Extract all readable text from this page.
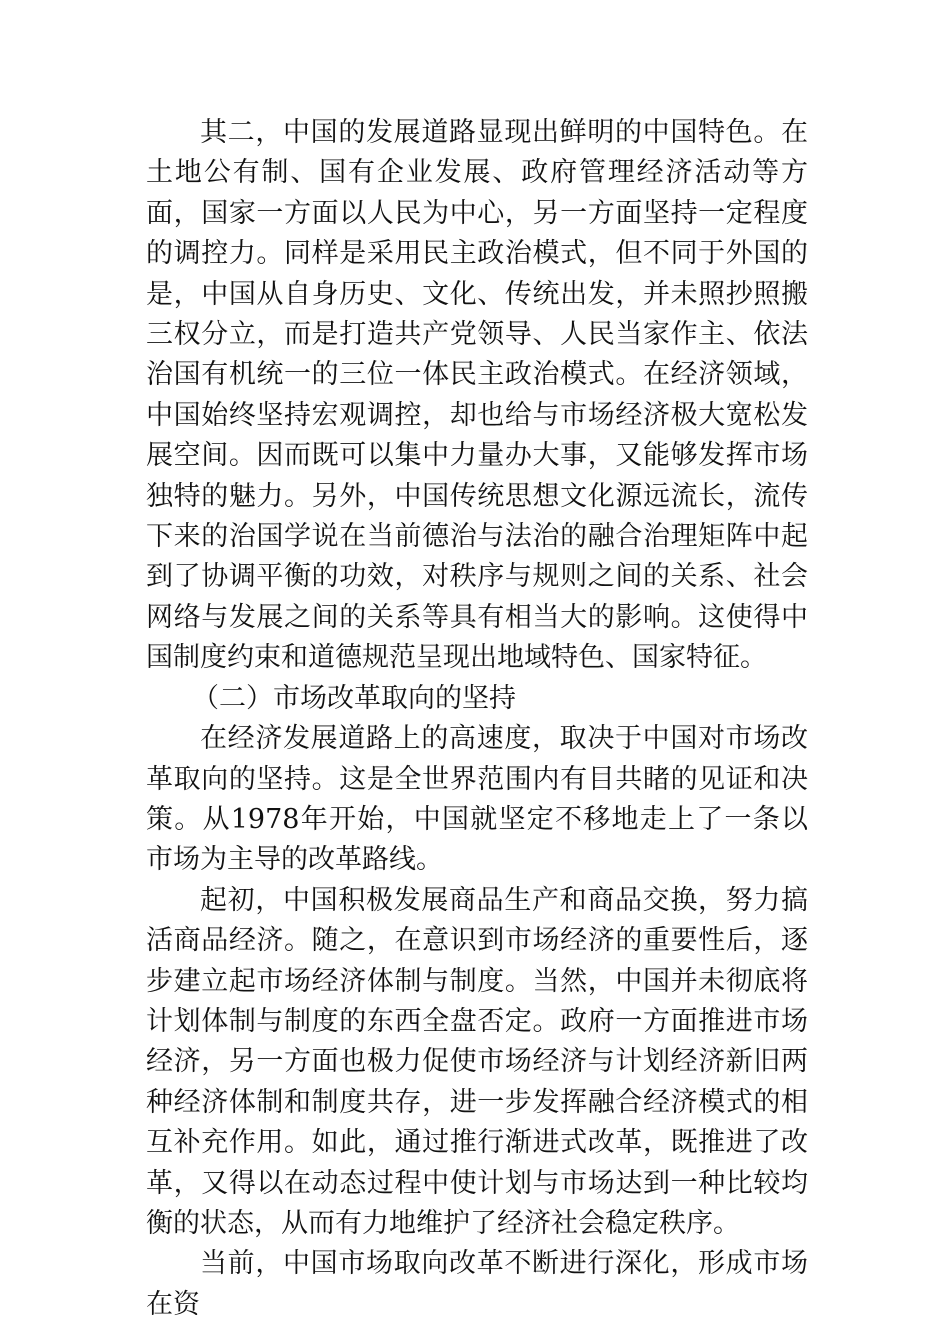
其二，中国的发展道路显现出鲜明的中国特色。在土地公有制、国有企业发展、政府管理经济活动等方面，国家一方面以人民为中心，另一方面坚持一定程度的调控力。同样是采用民主政治模式，但不同于外国的是，中国从自身历史、文化、传统出发，并未照抄照搬三权分立，而是打造共产党领导、人民当家作主、依法治国有机统一的三位一体民主政治模式。在经济领域，中国始终坚持宏观调控，却也给与市场经济极大宽松发展空间。因而既可以集中力量办大事，又能够发挥市场独特的魅力。另外，中国传统思想文化源远流长，流传下来的治国学说在当前德治与法治的融合治理矩阵中起到了协调平衡的功效，对秩序与规则之间的关系、社会网络与发展之间的关系等具有相当大的影响。这使得中国制度约束和道德规范呈现出地域特色、国家特征。

（二）市场改革取向的坚持

在经济发展道路上的高速度，取决于中国对市场改革取向的坚持。这是全世界范围内有目共睹的见证和决策。从1978年开始，中国就坚定不移地走上了一条以市场为主导的改革路线。

起初，中国积极发展商品生产和商品交换，努力搞活商品经济。随之，在意识到市场经济的重要性后，逐步建立起市场经济体制与制度。当然，中国并未彻底将计划体制与制度的东西全盘否定。政府一方面推进市场经济，另一方面也极力促使市场经济与计划经济新旧两种经济体制和制度共存，进一步发挥融合经济模式的相互补充作用。如此，通过推行渐进式改革，既推进了改革，又得以在动态过程中使计划与市场达到一种比较均衡的状态，从而有力地维护了经济社会稳定秩序。

当前，中国市场取向改革不断进行深化，形成市场在资
